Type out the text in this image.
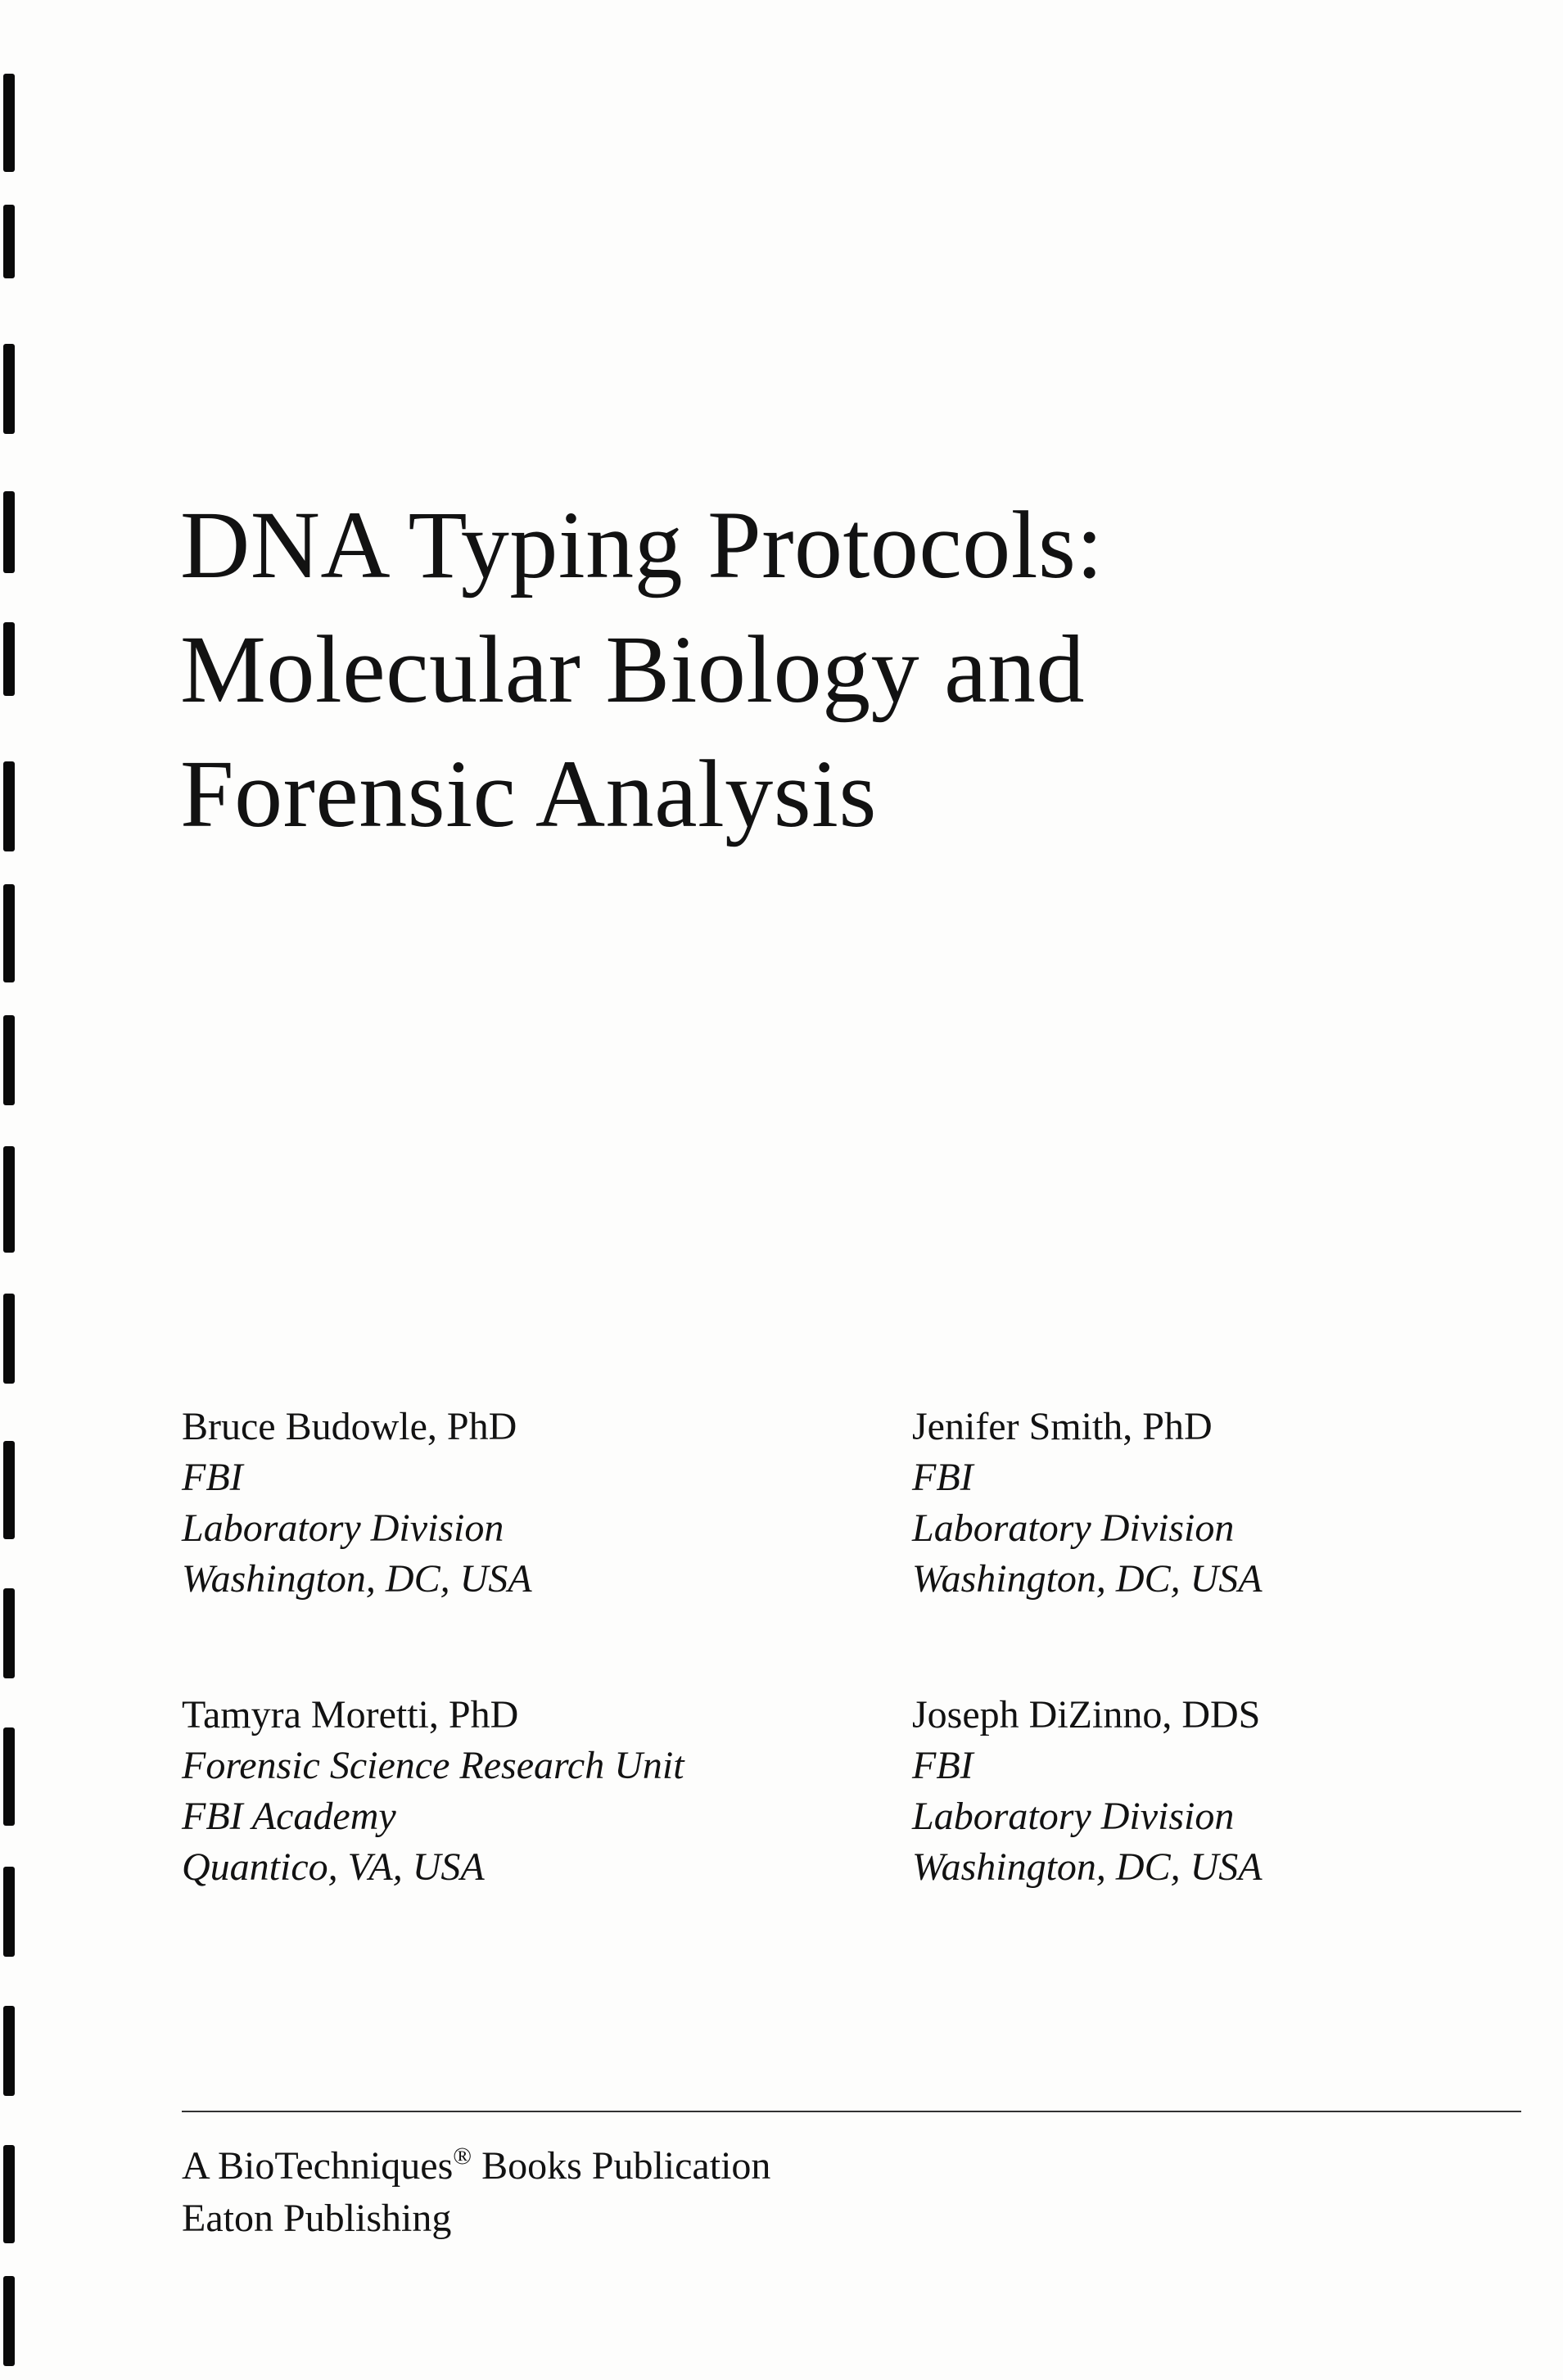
DNA Typing Protocols:
Molecular Biology and
Forensic Analysis
Bruce Budowle, PhD
FBI
Laboratory Division
Washington, DC, USA
Jenifer Smith, PhD
FBI
Laboratory Division
Washington, DC, USA
Tamyra Moretti, PhD
Forensic Science Research Unit
FBI Academy
Quantico, VA, USA
Joseph DiZinno, DDS
FBI
Laboratory Division
Washington, DC, USA
A BioTechniques® Books Publication
Eaton Publishing
